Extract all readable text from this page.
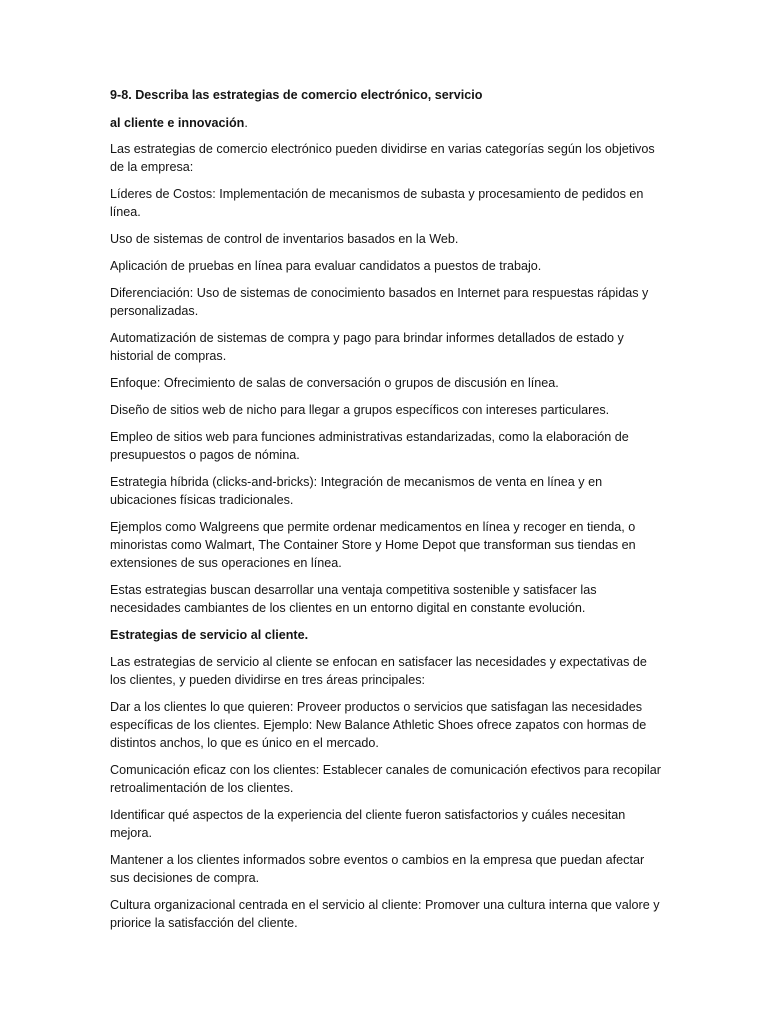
9-8. Describa las estrategias de comercio electrónico, servicio

al cliente e innovación.

Las estrategias de comercio electrónico pueden dividirse en varias categorías según los objetivos de la empresa:

Líderes de Costos: Implementación de mecanismos de subasta y procesamiento de pedidos en línea.

Uso de sistemas de control de inventarios basados en la Web.

Aplicación de pruebas en línea para evaluar candidatos a puestos de trabajo.

Diferenciación: Uso de sistemas de conocimiento basados en Internet para respuestas rápidas y personalizadas.

Automatización de sistemas de compra y pago para brindar informes detallados de estado y historial de compras.

Enfoque: Ofrecimiento de salas de conversación o grupos de discusión en línea.

Diseño de sitios web de nicho para llegar a grupos específicos con intereses particulares.

Empleo de sitios web para funciones administrativas estandarizadas, como la elaboración de presupuestos o pagos de nómina.

Estrategia híbrida (clicks-and-bricks): Integración de mecanismos de venta en línea y en ubicaciones físicas tradicionales.

Ejemplos como Walgreens que permite ordenar medicamentos en línea y recoger en tienda, o minoristas como Walmart, The Container Store y Home Depot que transforman sus tiendas en extensiones de sus operaciones en línea.

Estas estrategias buscan desarrollar una ventaja competitiva sostenible y satisfacer las necesidades cambiantes de los clientes en un entorno digital en constante evolución.

Estrategias de servicio al cliente.

Las estrategias de servicio al cliente se enfocan en satisfacer las necesidades y expectativas de los clientes, y pueden dividirse en tres áreas principales:

Dar a los clientes lo que quieren: Proveer productos o servicios que satisfagan las necesidades específicas de los clientes. Ejemplo: New Balance Athletic Shoes ofrece zapatos con hormas de distintos anchos, lo que es único en el mercado.

Comunicación eficaz con los clientes: Establecer canales de comunicación efectivos para recopilar retroalimentación de los clientes.

Identificar qué aspectos de la experiencia del cliente fueron satisfactorios y cuáles necesitan mejora.

Mantener a los clientes informados sobre eventos o cambios en la empresa que puedan afectar sus decisiones de compra.

Cultura organizacional centrada en el servicio al cliente: Promover una cultura interna que valore y priorice la satisfacción del cliente.
